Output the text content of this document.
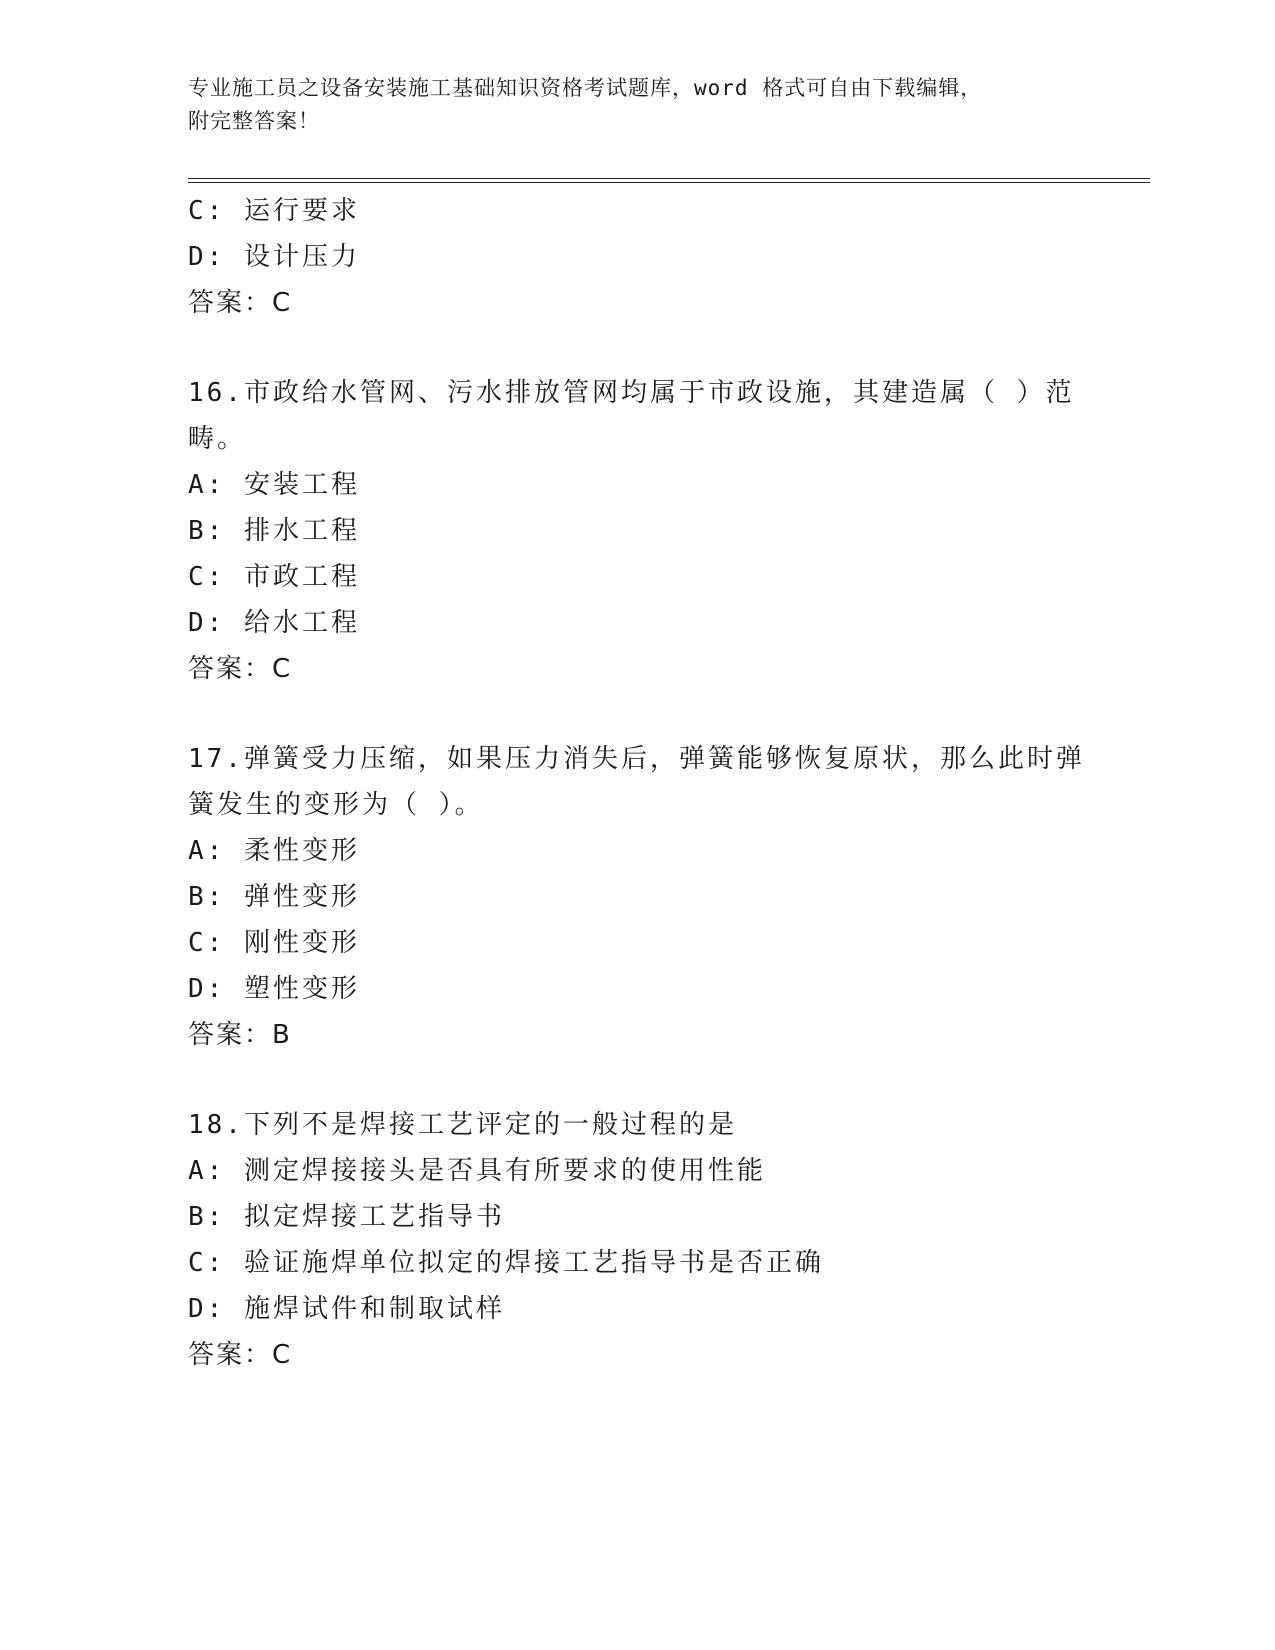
专业施工员之设备安装施工基础知识资格考试题库，word 格式可自由下载编辑，
附完整答案！
C: 运行要求
D: 设计压力
答案：C
16.市政给水管网、污水排放管网均属于市政设施，其建造属（ ）范
畴。
A: 安装工程
B: 排水工程
C: 市政工程
D: 给水工程
答案：C
17.弹簧受力压缩，如果压力消失后，弹簧能够恢复原状，那么此时弹
簧发生的变形为（ ）。
A: 柔性变形
B: 弹性变形
C: 刚性变形
D: 塑性变形
答案：B
18.下列不是焊接工艺评定的一般过程的是
A: 测定焊接接头是否具有所要求的使用性能
B: 拟定焊接工艺指导书
C: 验证施焊单位拟定的焊接工艺指导书是否正确
D: 施焊试件和制取试样
答案：C
